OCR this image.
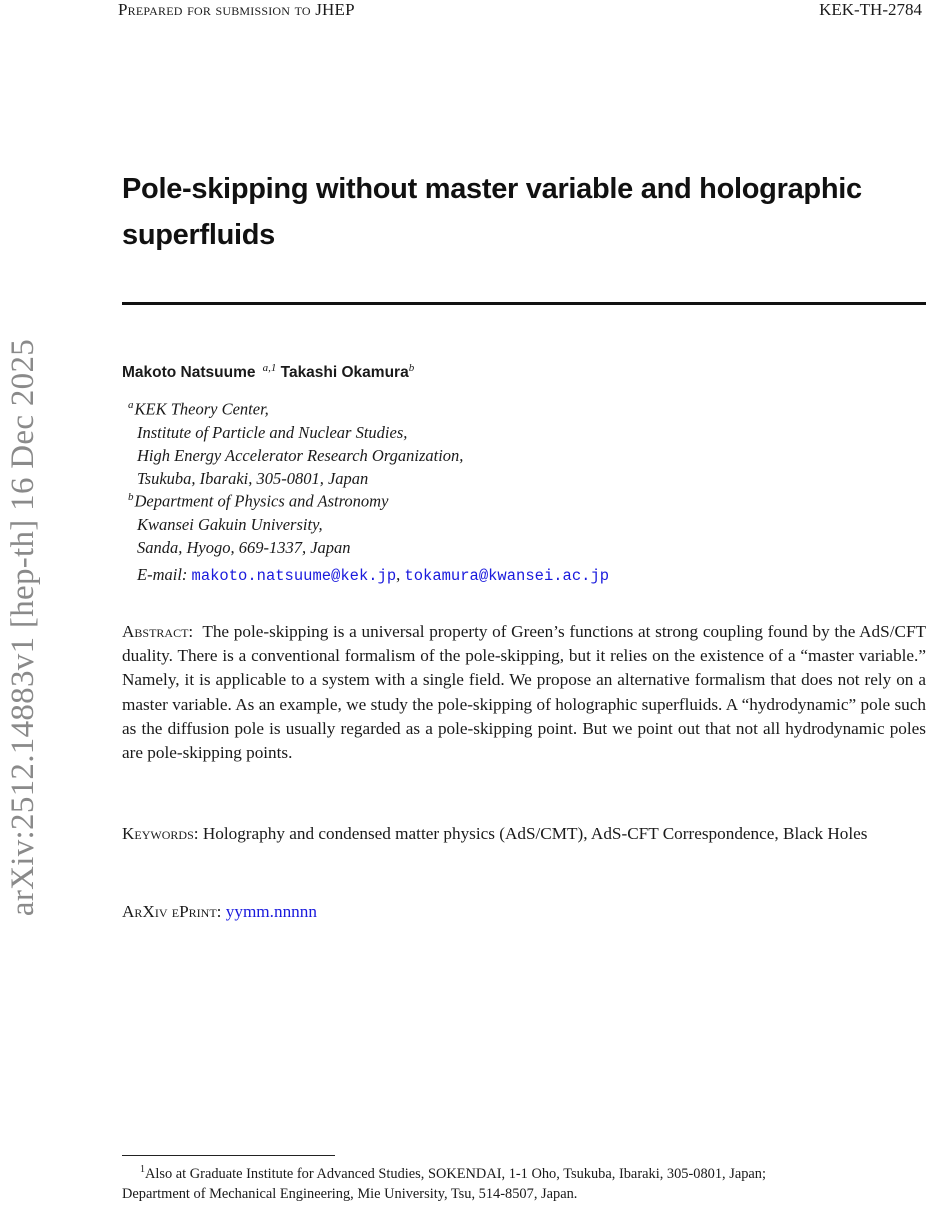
Prepared for submission to JHEP	KEK-TH-2784
arXiv:2512.14883v1 [hep-th] 16 Dec 2025
Pole-skipping without master variable and holographic
superfluids
Makoto Natsuume $^{a,1}$ Takashi Okamura$^b$
$^a$KEK Theory Center,
Institute of Particle and Nuclear Studies,
High Energy Accelerator Research Organization,
Tsukuba, Ibaraki, 305-0801, Japan
$^b$Department of Physics and Astronomy
Kwansei Gakuin University,
Sanda, Hyogo, 669-1337, Japan
E-mail: makoto.natsuume@kek.jp, tokamura@kwansei.ac.jp
Abstract: The pole-skipping is a universal property of Green’s functions at strong coupling found by the AdS/CFT duality. There is a conventional formalism of the pole-skipping, but it relies on the existence of a “master variable.” Namely, it is applicable to a system with a single field. We propose an alternative formalism that does not rely on a master variable. As an example, we study the pole-skipping of holographic superfluids. A “hydrodynamic” pole such as the diffusion pole is usually regarded as a pole-skipping point. But we point out that not all hydrodynamic poles are pole-skipping points.
Keywords: Holography and condensed matter physics (AdS/CMT), AdS-CFT Correspondence, Black Holes
ArXiv ePrint: yymm.nnnnn
$^1$Also at Graduate Institute for Advanced Studies, SOKENDAI, 1-1 Oho, Tsukuba, Ibaraki, 305-0801, Japan;
Department of Mechanical Engineering, Mie University, Tsu, 514-8507, Japan.
